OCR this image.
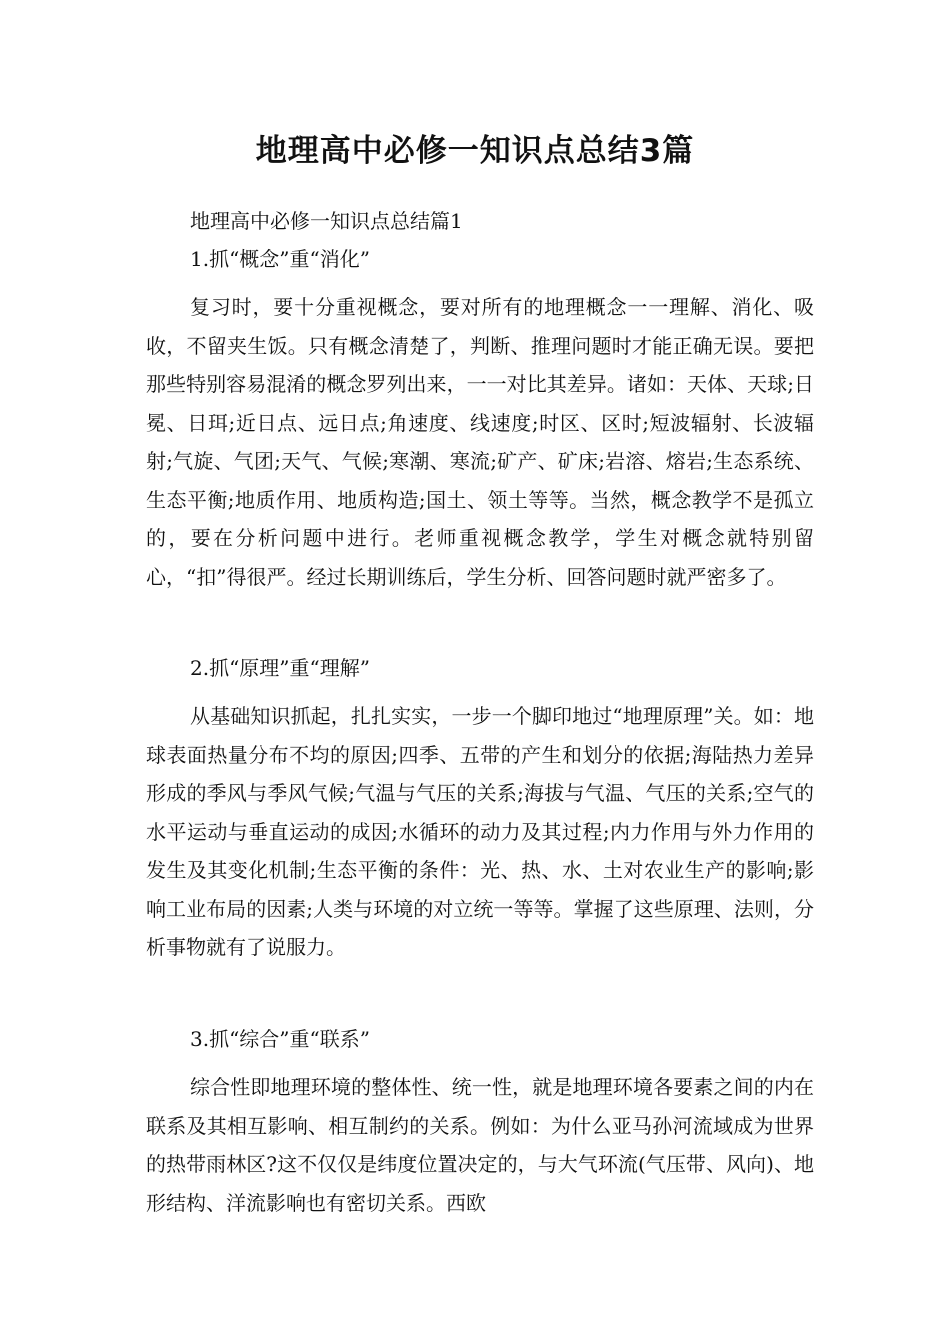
地理高中必修一知识点总结3篇

地理高中必修一知识点总结篇1

1.抓“概念”重“消化”

复习时，要十分重视概念，要对所有的地理概念一一理解、消化、吸收，不留夹生饭。只有概念清楚了，判断、推理问题时才能正确无误。要把那些特别容易混淆的概念罗列出来，一一对比其差异。诸如：天体、天球;日冕、日珥;近日点、远日点;角速度、线速度;时区、区时;短波辐射、长波辐射;气旋、气团;天气、气候;寒潮、寒流;矿产、矿床;岩溶、熔岩;生态系统、生态平衡;地质作用、地质构造;国土、领土等等。当然，概念教学不是孤立的，要在分析问题中进行。老师重视概念教学，学生对概念就特别留心，“扣”得很严。经过长期训练后，学生分析、回答问题时就严密多了。

2.抓“原理”重“理解”

从基础知识抓起，扎扎实实，一步一个脚印地过“地理原理”关。如：地球表面热量分布不均的原因;四季、五带的产生和划分的依据;海陆热力差异形成的季风与季风气候;气温与气压的关系;海拔与气温、气压的关系;空气的水平运动与垂直运动的成因;水循环的动力及其过程;内力作用与外力作用的发生及其变化机制;生态平衡的条件：光、热、水、土对农业生产的影响;影响工业布局的因素;人类与环境的对立统一等等。掌握了这些原理、法则，分析事物就有了说服力。

3.抓“综合”重“联系”

综合性即地理环境的整体性、统一性，就是地理环境各要素之间的内在联系及其相互影响、相互制约的关系。例如：为什么亚马孙河流域成为世界的热带雨林区?这不仅仅是纬度位置决定的，与大气环流(气压带、风向)、地形结构、洋流影响也有密切关系。西欧
